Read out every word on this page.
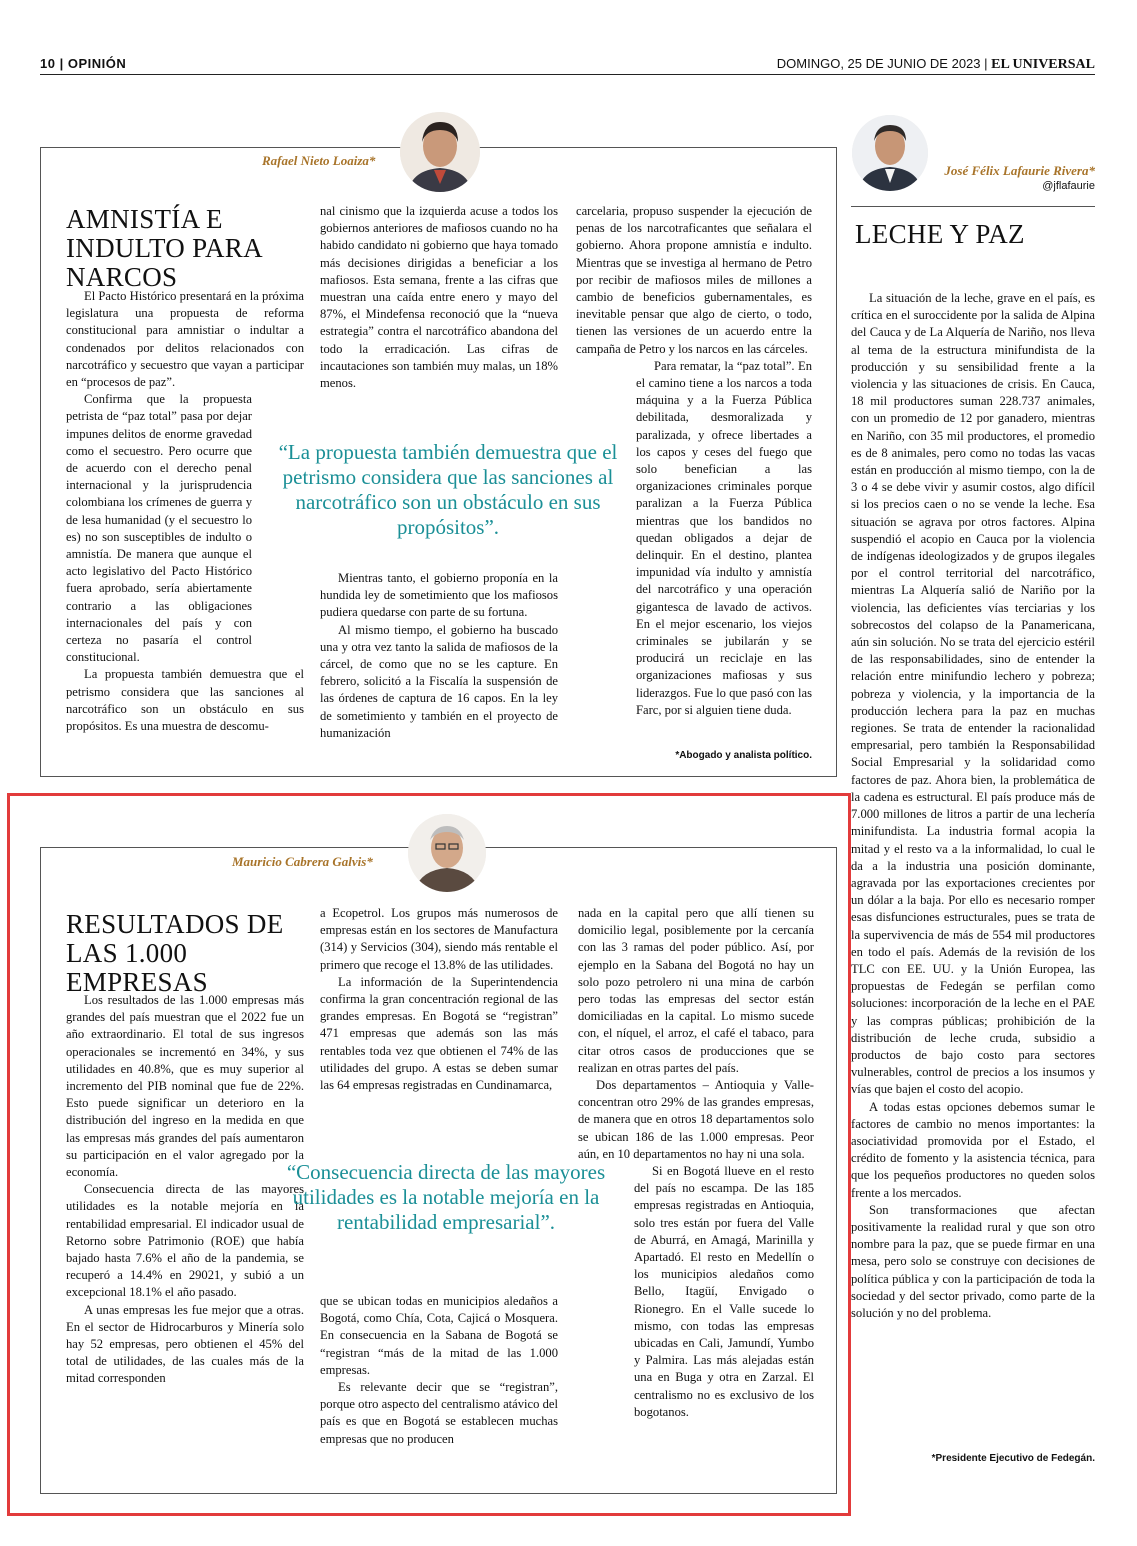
10 | OPINIÓN	DOMINGO, 25 DE JUNIO DE 2023 | EL UNIVERSAL
Rafael Nieto Loaiza*
AMNISTÍA E INDULTO PARA NARCOS

El Pacto Histórico presentará en la próxima legislatura una propuesta de reforma constitucional para amnistiar o indultar a condenados por delitos relacionados con narcotráfico y secuestro que vayan a participar en “procesos de paz”.

Confirma que la propuesta petrista de “paz total” pasa por dejar impunes delitos de enorme gravedad como el secuestro. Pero ocurre que de acuerdo con el derecho penal internacional y la jurisprudencia colombiana los crímenes de guerra y de lesa humanidad (y el secuestro lo es) no son susceptibles de indulto o amnistía. De manera que aunque el acto legislativo del Pacto Histórico fuera aprobado, sería abiertamente contrario a las obligaciones internacionales del país y con certeza no pasaría el control constitucional.

La propuesta también demuestra que el petrismo considera que las sanciones al narcotráfico son un obstáculo en sus propósitos. Es una muestra de descomu-

nal cinismo que la izquierda acuse a todos los gobiernos anteriores de mafiosos cuando no ha habido candidato ni gobierno que haya tomado más decisiones dirigidas a beneficiar a los mafiosos. Esta semana, frente a las cifras que muestran una caída entre enero y mayo del 87%, el Mindefensa reconoció que la “nueva estrategia” contra el narcotráfico abandona del todo la erradicación. Las cifras de incautaciones son también muy malas, un 18% menos.

Mientras tanto, el gobierno proponía en la hundida ley de sometimiento que los mafiosos pudiera quedarse con parte de su fortuna.

Al mismo tiempo, el gobierno ha buscado una y otra vez tanto la salida de mafiosos de la cárcel, de como que no se les capture. En febrero, solicitó a la Fiscalía la suspensión de las órdenes de captura de 16 capos. En la ley de sometimiento y también en el proyecto de humanización

carcelaria, propuso suspender la ejecución de penas de los narcotraficantes que señalara el gobierno. Ahora propone amnistía e indulto. Mientras que se investiga al hermano de Petro por recibir de mafiosos miles de millones a cambio de beneficios gubernamentales, es inevitable pensar que algo de cierto, o todo, tienen las versiones de un acuerdo entre la campaña de Petro y los narcos en las cárceles.

Para rematar, la “paz total”. En el camino tiene a los narcos a toda máquina y a la Fuerza Pública debilitada, desmoralizada y paralizada, y ofrece libertades a los capos y ceses del fuego que solo benefician a las organizaciones criminales porque paralizan a la Fuerza Pública mientras que los bandidos no quedan obligados a dejar de delinquir. En el destino, plantea impunidad vía indulto y amnistía del narcotráfico y una operación gigantesca de lavado de activos. En el mejor escenario, los viejos criminales se jubilarán y se producirá un reciclaje en las organizaciones mafiosas y sus liderazgos. Fue lo que pasó con las Farc, por si alguien tiene duda.

“La propuesta también demuestra que el petrismo considera que las sanciones al narcotráfico son un obstáculo en sus propósitos”.
*Abogado y analista político.
Mauricio Cabrera Galvis*
RESULTADOS DE LAS 1.000 EMPRESAS

Los resultados de las 1.000 empresas más grandes del país muestran que el 2022 fue un año extraordinario. El total de sus ingresos operacionales se incrementó en 34%, y sus utilidades en 40.8%, que es muy superior al incremento del PIB nominal que fue de 22%. Esto puede significar un deterioro en la distribución del ingreso en la medida en que las empresas más grandes del país aumentaron su participación en el valor agregado por la economía.

Consecuencia directa de las mayores utilidades es la notable mejoría en la rentabilidad empresarial. El indicador usual de Retorno sobre Patrimonio (ROE) que había bajado hasta 7.6% el año de la pandemia, se recuperó a 14.4% en 29021, y subió a un excepcional 18.1% el año pasado.

A unas empresas les fue mejor que a otras. En el sector de Hidrocarburos y Minería solo hay 52 empresas, pero obtienen el 45% del total de utilidades, de las cuales más de la mitad corresponden

a Ecopetrol. Los grupos más numerosos de empresas están en los sectores de Manufactura (314) y Servicios (304), siendo más rentable el primero que recoge el 13.8% de las utilidades.

La información de la Superintendencia confirma la gran concentración regional de las grandes empresas. En Bogotá se “registran” 471 empresas que además son las más rentables toda vez que obtienen el 74% de las utilidades del grupo. A estas se deben sumar las 64 empresas registradas en Cundinamarca,

que se ubican todas en municipios aledaños a Bogotá, como Chía, Cota, Cajicá o Mosquera. En consecuencia en la Sabana de Bogotá se “registran “más de la mitad de las 1.000 empresas.

Es relevante decir que se “registran”, porque otro aspecto del centralismo atávico del país es que en Bogotá se establecen muchas empresas que no producen

nada en la capital pero que allí tienen su domicilio legal, posiblemente por la cercanía con las 3 ramas del poder público. Así, por ejemplo en la Sabana del Bogotá no hay un solo pozo petrolero ni una mina de carbón pero todas las empresas del sector están domiciliadas en la capital. Lo mismo sucede con, el níquel, el arroz, el café el tabaco, para citar otros casos de producciones que se realizan en otras partes del país.

Dos departamentos – Antioquia y Valle- concentran otro 29% de las grandes empresas, de manera que en otros 18 departamentos solo se ubican 186 de las 1.000 empresas. Peor aún, en 10 departamentos no hay ni una sola.

Si en Bogotá llueve en el resto del país no escampa. De las 185 empresas registradas en Antioquia, solo tres están por fuera del Valle de Aburrá, en Amagá, Marinilla y Apartadó. El resto en Medellín o los municipios aledaños como Bello, Itagüí, Envigado o Rionegro. En el Valle sucede lo mismo, con todas las empresas ubicadas en Cali, Jamundí, Yumbo y Palmira. Las más alejadas están una en Buga y otra en Zarzal. El centralismo no es exclusivo de los bogotanos.

“Consecuencia directa de las mayores utilidades es la notable mejoría en la rentabilidad empresarial”.
José Félix Lafaurie Rivera*
@jflafaurie
LECHE Y PAZ

La situación de la leche, grave en el país, es crítica en el suroccidente por la salida de Alpina del Cauca y de La Alquería de Nariño, nos lleva al tema de la estructura minifundista de la producción y su sensibilidad frente a la violencia y las situaciones de crisis. En Cauca, 18 mil productores suman 228.737 animales, con un promedio de 12 por ganadero, mientras en Nariño, con 35 mil productores, el promedio es de 8 animales, pero como no todas las vacas están en producción al mismo tiempo, con la de 3 o 4 se debe vivir y asumir costos, algo difícil si los precios caen o no se vende la leche. Esa situación se agrava por otros factores. Alpina suspendió el acopio en Cauca por la violencia de indígenas ideologizados y de grupos ilegales por el control territorial del narcotráfico, mientras La Alquería salió de Nariño por la violencia, las deficientes vías terciarias y los sobrecostos del colapso de la Panamericana, aún sin solución. No se trata del ejercicio estéril de las responsabilidades, sino de entender la relación entre minifundio lechero y pobreza; pobreza y violencia, y la importancia de la producción lechera para la paz en muchas regiones. Se trata de entender la racionalidad empresarial, pero también la Responsabilidad Social Empresarial y la solidaridad como factores de paz. Ahora bien, la problemática de la cadena es estructural. El país produce más de 7.000 millones de litros a partir de una lechería minifundista. La industria formal acopia la mitad y el resto va a la informalidad, lo cual le da a la industria una posición dominante, agravada por las exportaciones crecientes por un dólar a la baja. Por ello es necesario romper esas disfunciones estructurales, pues se trata de la supervivencia de más de 554 mil productores en todo el país. Además de la revisión de los TLC con EE. UU. y la Unión Europea, las propuestas de Fedegán se perfilan como soluciones: incorporación de la leche en el PAE y las compras públicas; prohibición de la distribución de leche cruda, subsidio a productos de bajo costo para sectores vulnerables, control de precios a los insumos y vías que bajen el costo del acopio.

A todas estas opciones debemos sumar le factores de cambio no menos importantes: la asociatividad promovida por el Estado, el crédito de fomento y la asistencia técnica, para que los pequeños productores no queden solos frente a los mercados.

Son transformaciones que afectan positivamente la realidad rural y que son otro nombre para la paz, que se puede firmar en una mesa, pero solo se construye con decisiones de política pública y con la participación de toda la sociedad y del sector privado, como parte de la solución y no del problema.

*Presidente Ejecutivo de Fedegán.
